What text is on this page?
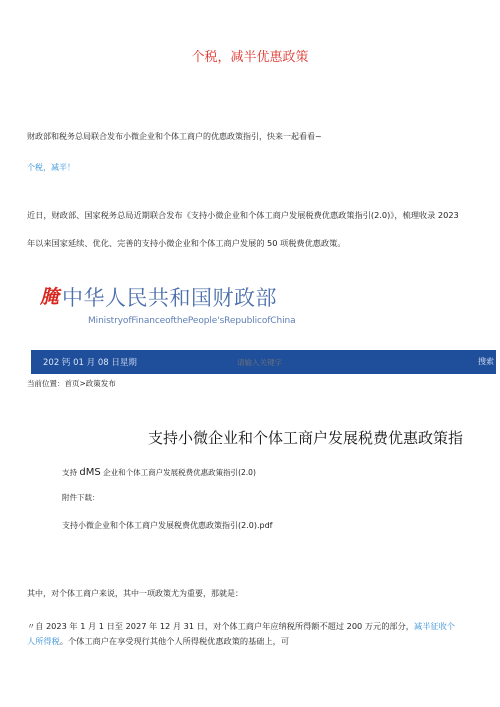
个税，减半优惠政策
财政部和税务总局联合发布小微企业和个体工商户的优惠政策指引，快来一起看看~
个税，减半！
近日，财政部、国家税务总局近期联合发布《支持小微企业和个体工商户发展税费优惠政策指引(2.0)》，梳理收录 2023
年以来国家延续、优化、完善的支持小微企业和个体工商户发展的 50 项税费优惠政策。
腌 中华人民共和国财政部
MinistryofFinanceofthePeople'sRepublicofChina
202 钙 01 月 08 日星期
请输入关键字	搜索
当前位置：首页>政策发布
支持小微企业和个体工商户发展税费优惠政策指
支持 dMS 企业和个体工商户发展税费优惠政策指引(2.0)
附件下载：
支持小微企业和个体工商户发展税费优惠政策指引(2.0).pdf
其中，对个体工商户来说，其中一项政策尤为重要，那就是：
〃自 2023 年 1 月 1 日至 2027 年 12 月 31 日，对个体工商户年应纳税所得额不超过 200 万元的部分，减半征收个
人所得税。个体工商户在享受现行其他个人所得税优惠政策的基础上，可
